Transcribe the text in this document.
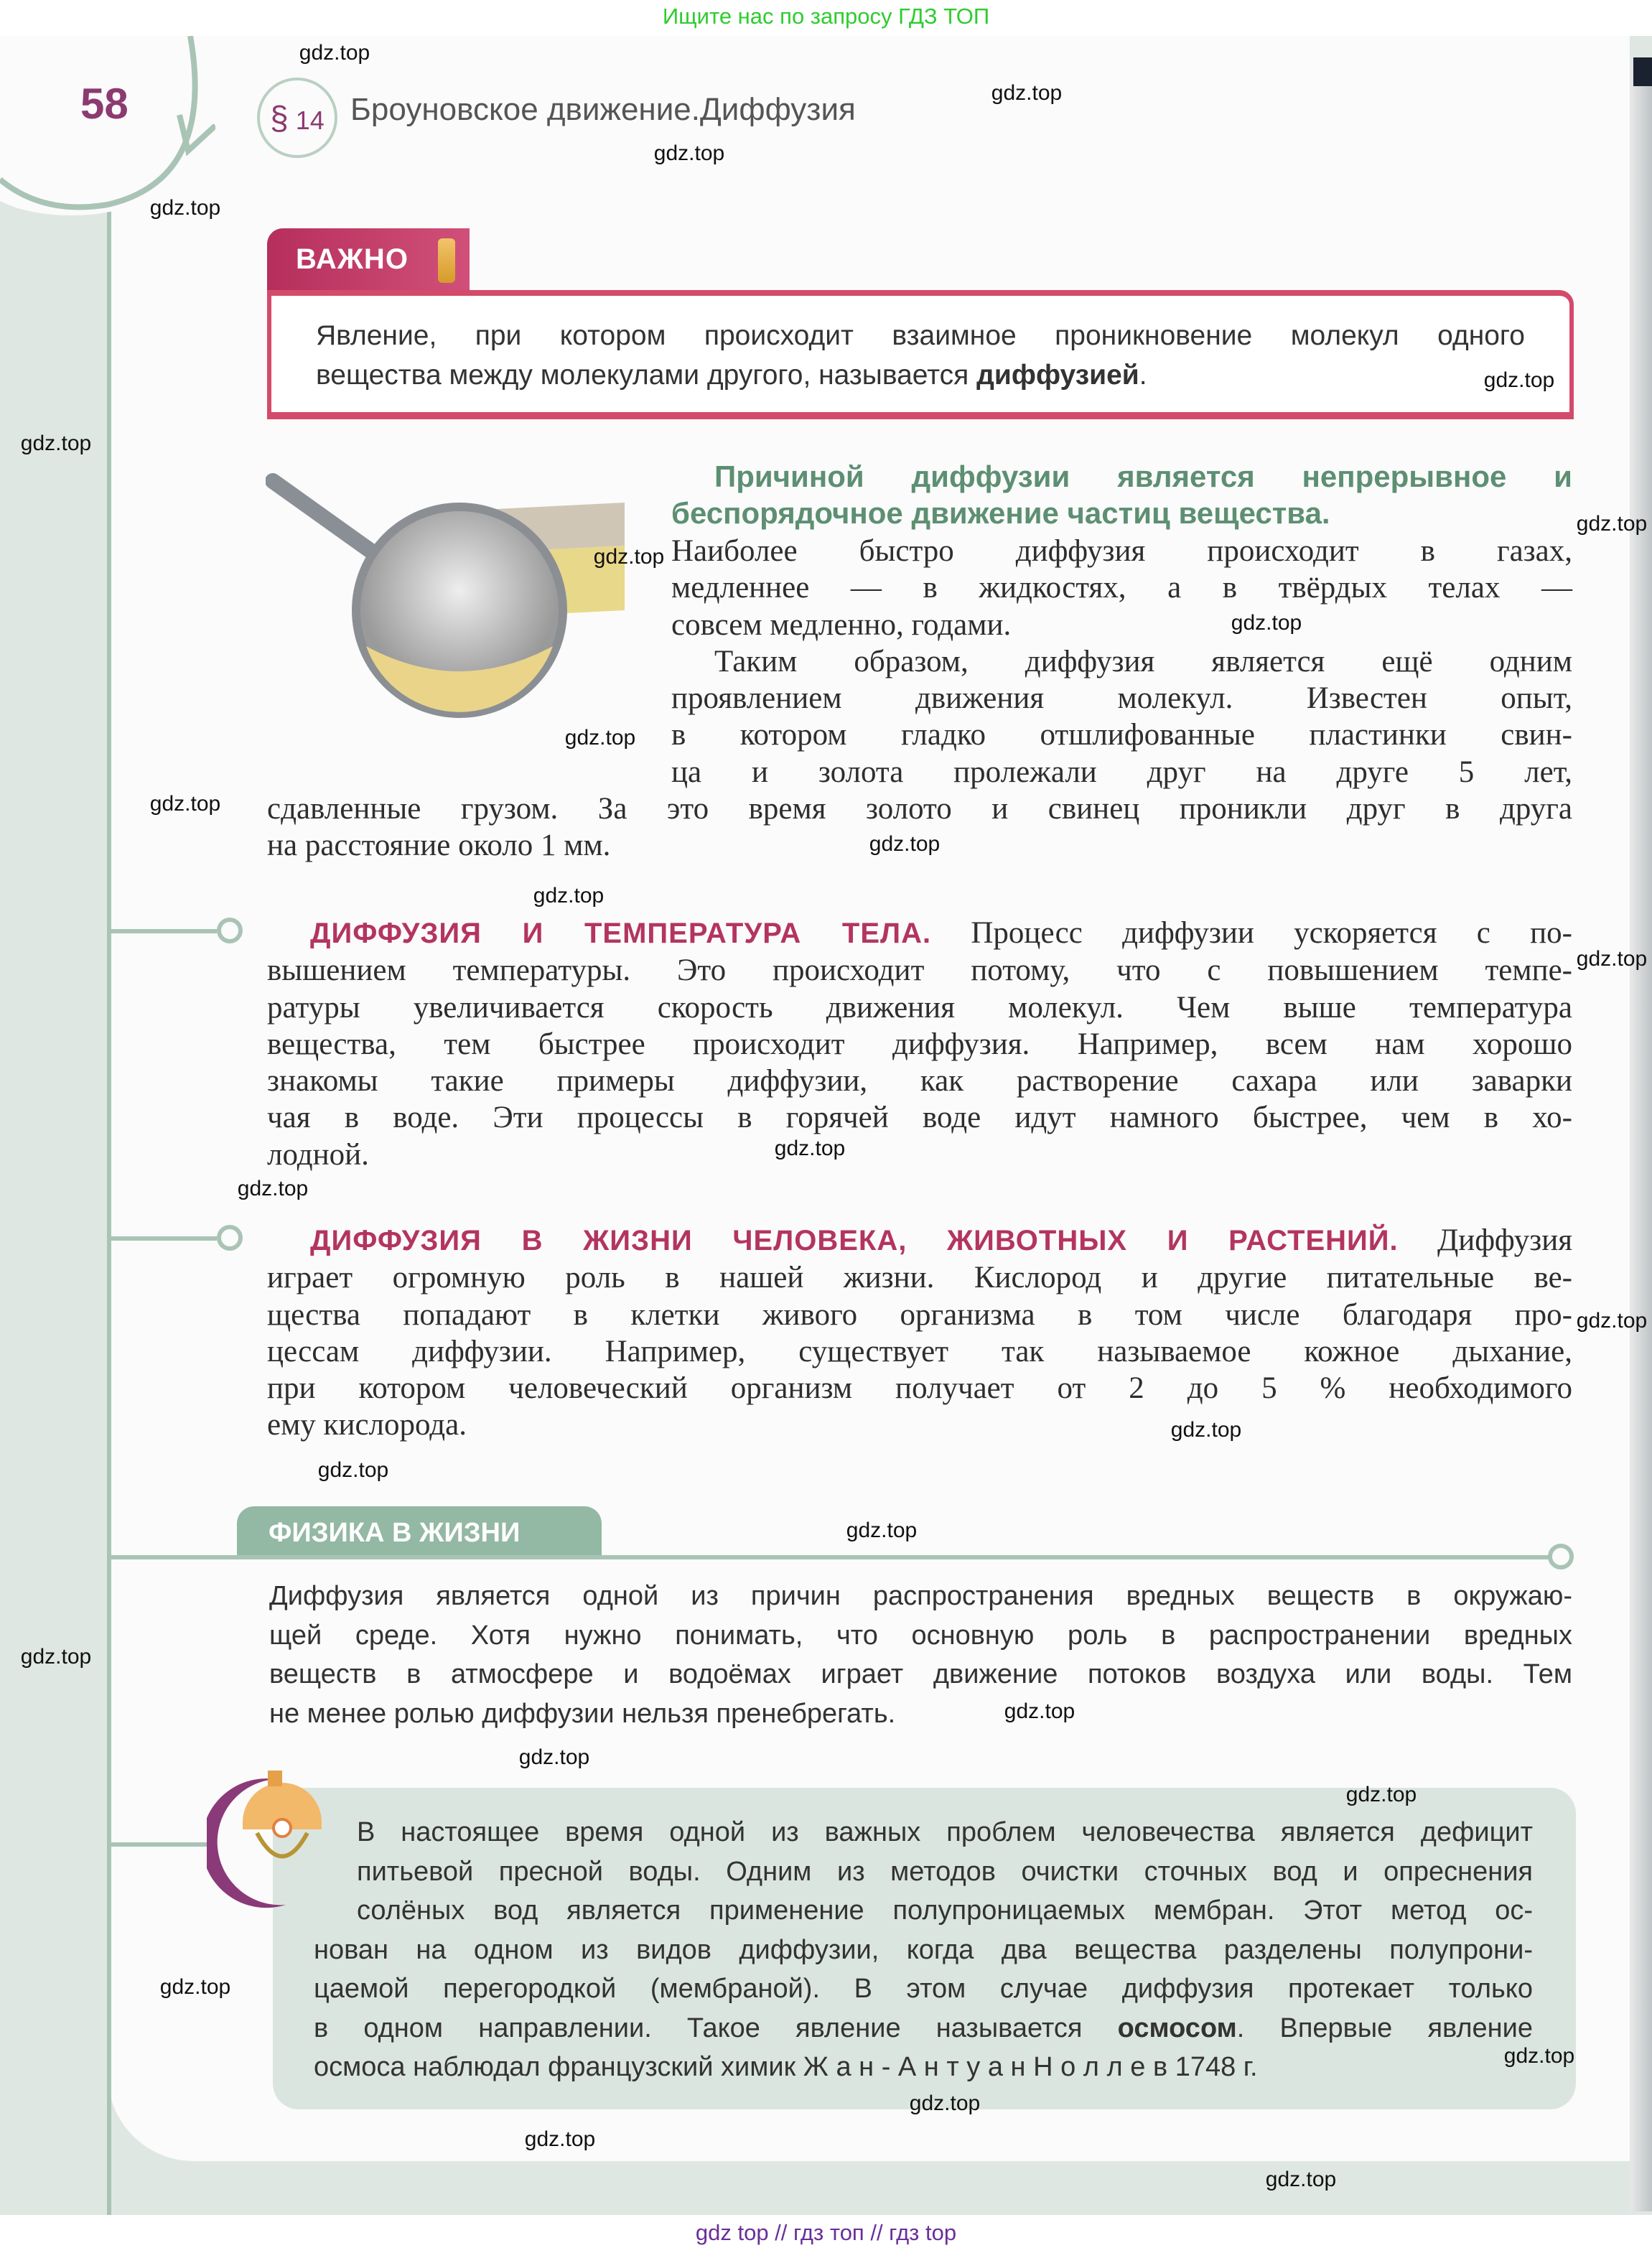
Ищите нас по запросу ГДЗ ТОП
58	§ 14 Броуновское движение.Диффузия
ВАЖНО
Явление, при котором происходит взаимное проникновение молекул одного
вещества между молекулами другого, называется диффузией.
Причиной диффузии является непрерывное и
беспорядочное движение частиц вещества.
Наиболее быстро диффузия происходит в газах,
медленнее — в жидкостях, а в твёрдых телах —
совсем медленно, годами.
Таким образом, диффузия является ещё одним
проявлением движения молекул. Известен опыт,
в котором гладко отшлифованные пластинки свин-
ца и золота пролежали друг на друге 5 лет,
сдавленные грузом. За это время золото и свинец проникли друг в друга
на расстояние около 1 мм.
ДИФФУЗИЯ И ТЕМПЕРАТУРА ТЕЛА. Процесс диффузии ускоряется с по-
вышением температуры. Это происходит потому, что с повышением темпе-
ратуры увеличивается скорость движения молекул. Чем выше температура
вещества, тем быстрее происходит диффузия. Например, всем нам хорошо
знакомы такие примеры диффузии, как растворение сахара или заварки
чая в воде. Эти процессы в горячей воде идут намного быстрее, чем в хо-
лодной.
ДИФФУЗИЯ В ЖИЗНИ ЧЕЛОВЕКА, ЖИВОТНЫХ И РАСТЕНИЙ. Диффузия
играет огромную роль в нашей жизни. Кислород и другие питательные ве-
щества попадают в клетки живого организма в том числе благодаря про-
цессам диффузии. Например, существует так называемое кожное дыхание,
при котором человеческий организм получает от 2 до 5 % необходимого
ему кислорода.
ФИЗИКА В ЖИЗНИ
Диффузия является одной из причин распространения вредных веществ в окружаю-
щей среде. Хотя нужно понимать, что основную роль в распространении вредных
веществ в атмосфере и водоёмах играет движение потоков воздуха или воды. Тем
не менее ролью диффузии нельзя пренебрегать.
В настоящее время одной из важных проблем человечества является дефицит
питьевой пресной воды. Одним из методов очистки сточных вод и опреснения
солёных вод является применение полупроницаемых мембран. Этот метод ос-
нован на одном из видов диффузии, когда два вещества разделены полупрони-
цаемой перегородкой (мембраной). В этом случае диффузия протекает только
в одном направлении. Такое явление называется осмосом. Впервые явление
осмоса наблюдал французский химик Ж а н - А н т у а н Н о л л е в 1748 г.
gdz top // гдз топ // гдз top
gdz.top
gdz.top
gdz.top
gdz.top
gdz.top
gdz.top
gdz.top
gdz.top
gdz.top
gdz.top
gdz.top
gdz.top
gdz.top
gdz.top
gdz.top
gdz.top
gdz.top
gdz.top
gdz.top
gdz.top
gdz.top
gdz.top
gdz.top
gdz.top
gdz.top
gdz.top
gdz.top
gdz.top
gdz.top
